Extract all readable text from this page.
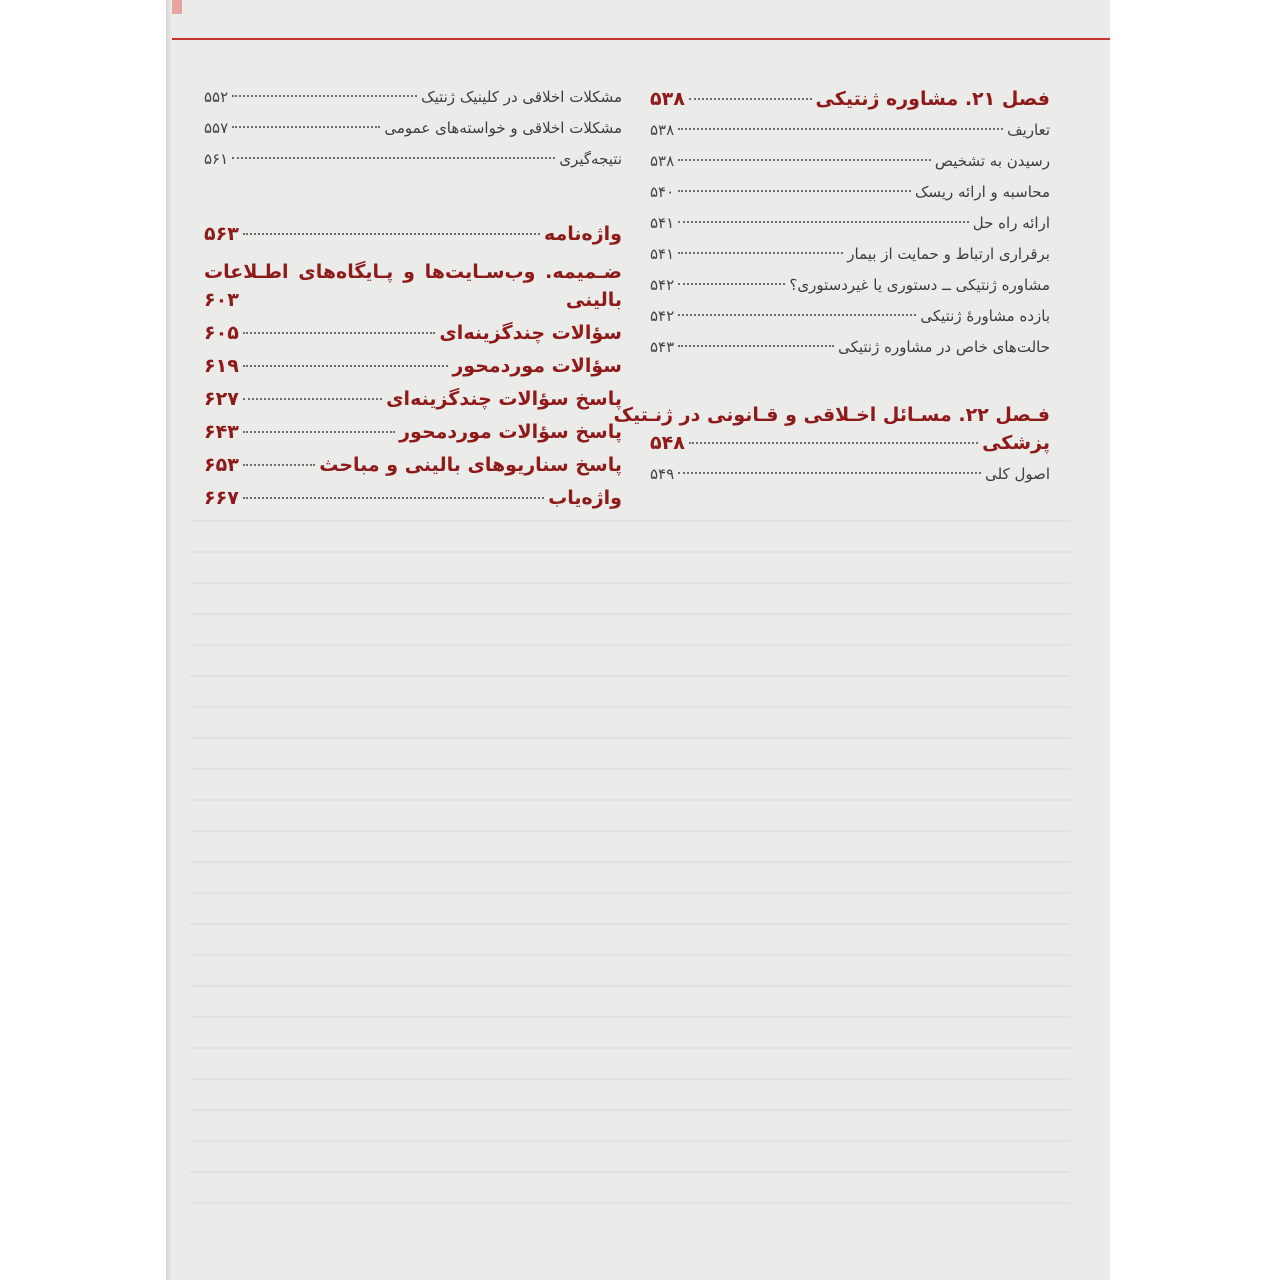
فصل ۲۱. مشاوره ژنتیکی
۵۳۸
تعاریف
۵۳۸
رسیدن به تشخیص
۵۳۸
محاسبه و ارائه ریسک
۵۴۰
ارائه راه حل
۵۴۱
برقراری ارتباط و حمایت از بیمار
۵۴۱
مشاوره ژنتیکی ــ دستوری یا غیردستوری؟
۵۴۲
بازده مشاورهٔ ژنتیکی
۵۴۲
حالت‌های خاص در مشاوره ژنتیکی
۵۴۳
فـصل ۲۲. مسـائل اخـلاقی و قـانونی در ژنـتیک
پزشکی
۵۴۸
اصول کلی
۵۴۹
مشکلات اخلاقی در کلینیک ژنتیک
۵۵۲
مشکلات اخلاقی و خواسته‌های عمومی
۵۵۷
نتیجه‌گیری
۵۶۱
واژه‌نامه
۵۶۳
ضـمیمه. وب‌سـایت‌ها و پـایگاه‌های اطـلاعات
بالینی
۶۰۳
سؤالات چندگزینه‌ای
۶۰۵
سؤالات موردمحور
۶۱۹
پاسخ سؤالات چندگزینه‌ای
۶۲۷
پاسخ سؤالات موردمحور
۶۴۳
پاسخ سناریوهای بالینی و مباحث
۶۵۳
واژه‌یاب
۶۶۷
